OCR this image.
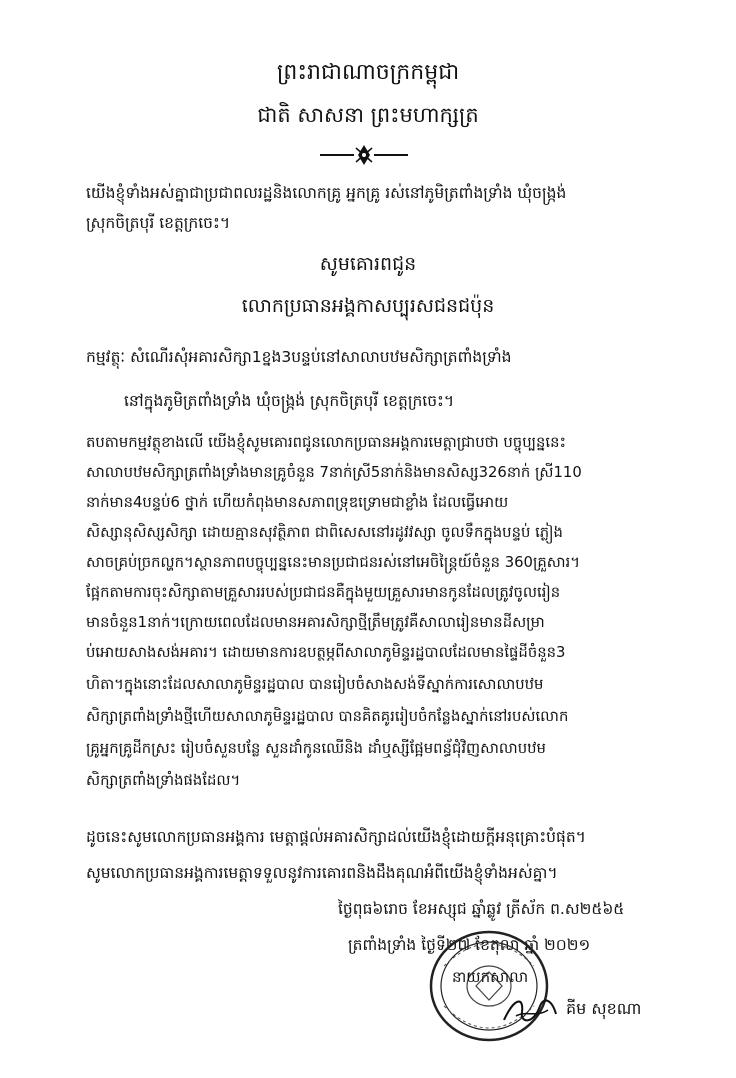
ព្រះរាជាណាចក្រកម្ពុជា
ជាតិ សាសនា ព្រះមហាក្សត្រ
យើងខ្ញុំទាំងអស់គ្នាជាប្រជាពលរដ្ឋនិងលោកគ្រូ អ្នកគ្រូ រស់នៅភូមិត្រពាំងទ្រាំង ឃុំចង្រ្កង់
ស្រុកចិត្របុរី ខេត្តក្រចេះ។
សូមគោរពជូន
លោកប្រធានអង្គកាសប្បុរសជនជប៉ុន
កម្មវត្ថុៈ សំណើរសុំអគារសិក្សា1ខ្នង3បន្ទប់នៅសាលាបឋមសិក្សាត្រពាំងទ្រាំង
នៅក្នុងភូមិត្រពាំងទ្រាំង ឃុំចង្រ្កង់ ស្រុកចិត្របុរី ខេត្តក្រចេះ។
តបតាមកម្មវត្ថុខាងលើ យើងខ្ញុំសូមគោរពជូនលោកប្រធានអង្គការមេត្តាជ្រាបថា បច្ចុប្បន្ននេះ
សាលាបឋមសិក្សាត្រពាំងទ្រាំងមានគ្រូចំនួន 7នាក់ស្រី5នាក់និងមានសិស្ស326នាក់ ស្រី110
នាក់មាន4បន្ទប់6 ថ្នាក់ ហើយកំពុងមានសភាពទ្រុឌទ្រោមជាខ្លាំង ដែលធ្វើអោយ
សិស្សានុសិស្សសិក្សា ដោយគ្មានសុវត្ថិភាព ជាពិសេសនៅរដូវវស្សា ចូលទឹកក្នុងបន្ទប់ ភ្លៀង
សាចគ្រប់ច្រកល្ហក។ស្ថានភាពបច្ចុប្បន្ននេះមានប្រជាជនរស់នៅអេចិន្ត្រៃយ៍ចំនួន 360គ្រួសារ។
ផ្អែកតាមការចុះសិក្សាតាមគ្រួសាររបស់ប្រជាជនគឺក្នុងមួយគ្រួសារមានកូនដែលត្រូវចូលរៀន
មានចំនួន1នាក់។ក្រោយពេលដែលមានអគារសិក្សាថ្មីត្រឹមត្រូវគឺសាលារៀនមានដីសម្រា
ប់អោយសាងសង់អគារ។ ដោយមានការឧបត្ថម្ភពីសាលាភូមិន្ទរដ្ឋបាលដែលមានផ្ទៃដីចំនួន3
ហិតា។ក្នុងនោះដែលសាលាភូមិន្ទរដ្ឋបាល បានរៀបចំសាងសង់ទីស្នាក់ការសោលាបឋម
សិក្សាត្រពាំងទ្រាំងថ្មីហើយសាលាភូមិន្ទរដ្ឋបាល បានគិតគូររៀបចំកន្លែងស្នាក់នៅរបស់លោក
គ្រូអ្នកគ្រូដីកស្រះ រៀបចំសួនបន្លែ សួនដាំកូនឈើនិង ដាំឬស្សីផ្អែមពន្ធ័ជុំវិញសាលាបឋម
សិក្សាត្រពាំងទ្រាំងផងដែល។
ដូចនេះសូមលោកប្រធានអង្គការ មេត្តាផ្តល់អគារសិក្សាដល់យើងខ្ញុំដោយក្តីអនុគ្រោះបំផុត។
សូមលោកប្រធានអង្គការមេត្តាទទួលនូវការគោរពនិងដឹងគុណអំពីយើងខ្ញុំទាំងអស់គ្នា។
ថ្ងៃពុធ៦រោច ខែអស្សុជ ឆ្នាំឆ្លូវ ត្រីស័ក ព.ស២៥៦៥
ត្រពាំងទ្រាំង ថ្ងៃទី២៧ ខែតុលា ឆ្នាំ ២០២១
នាយកសាលា
គីម សុខណា
